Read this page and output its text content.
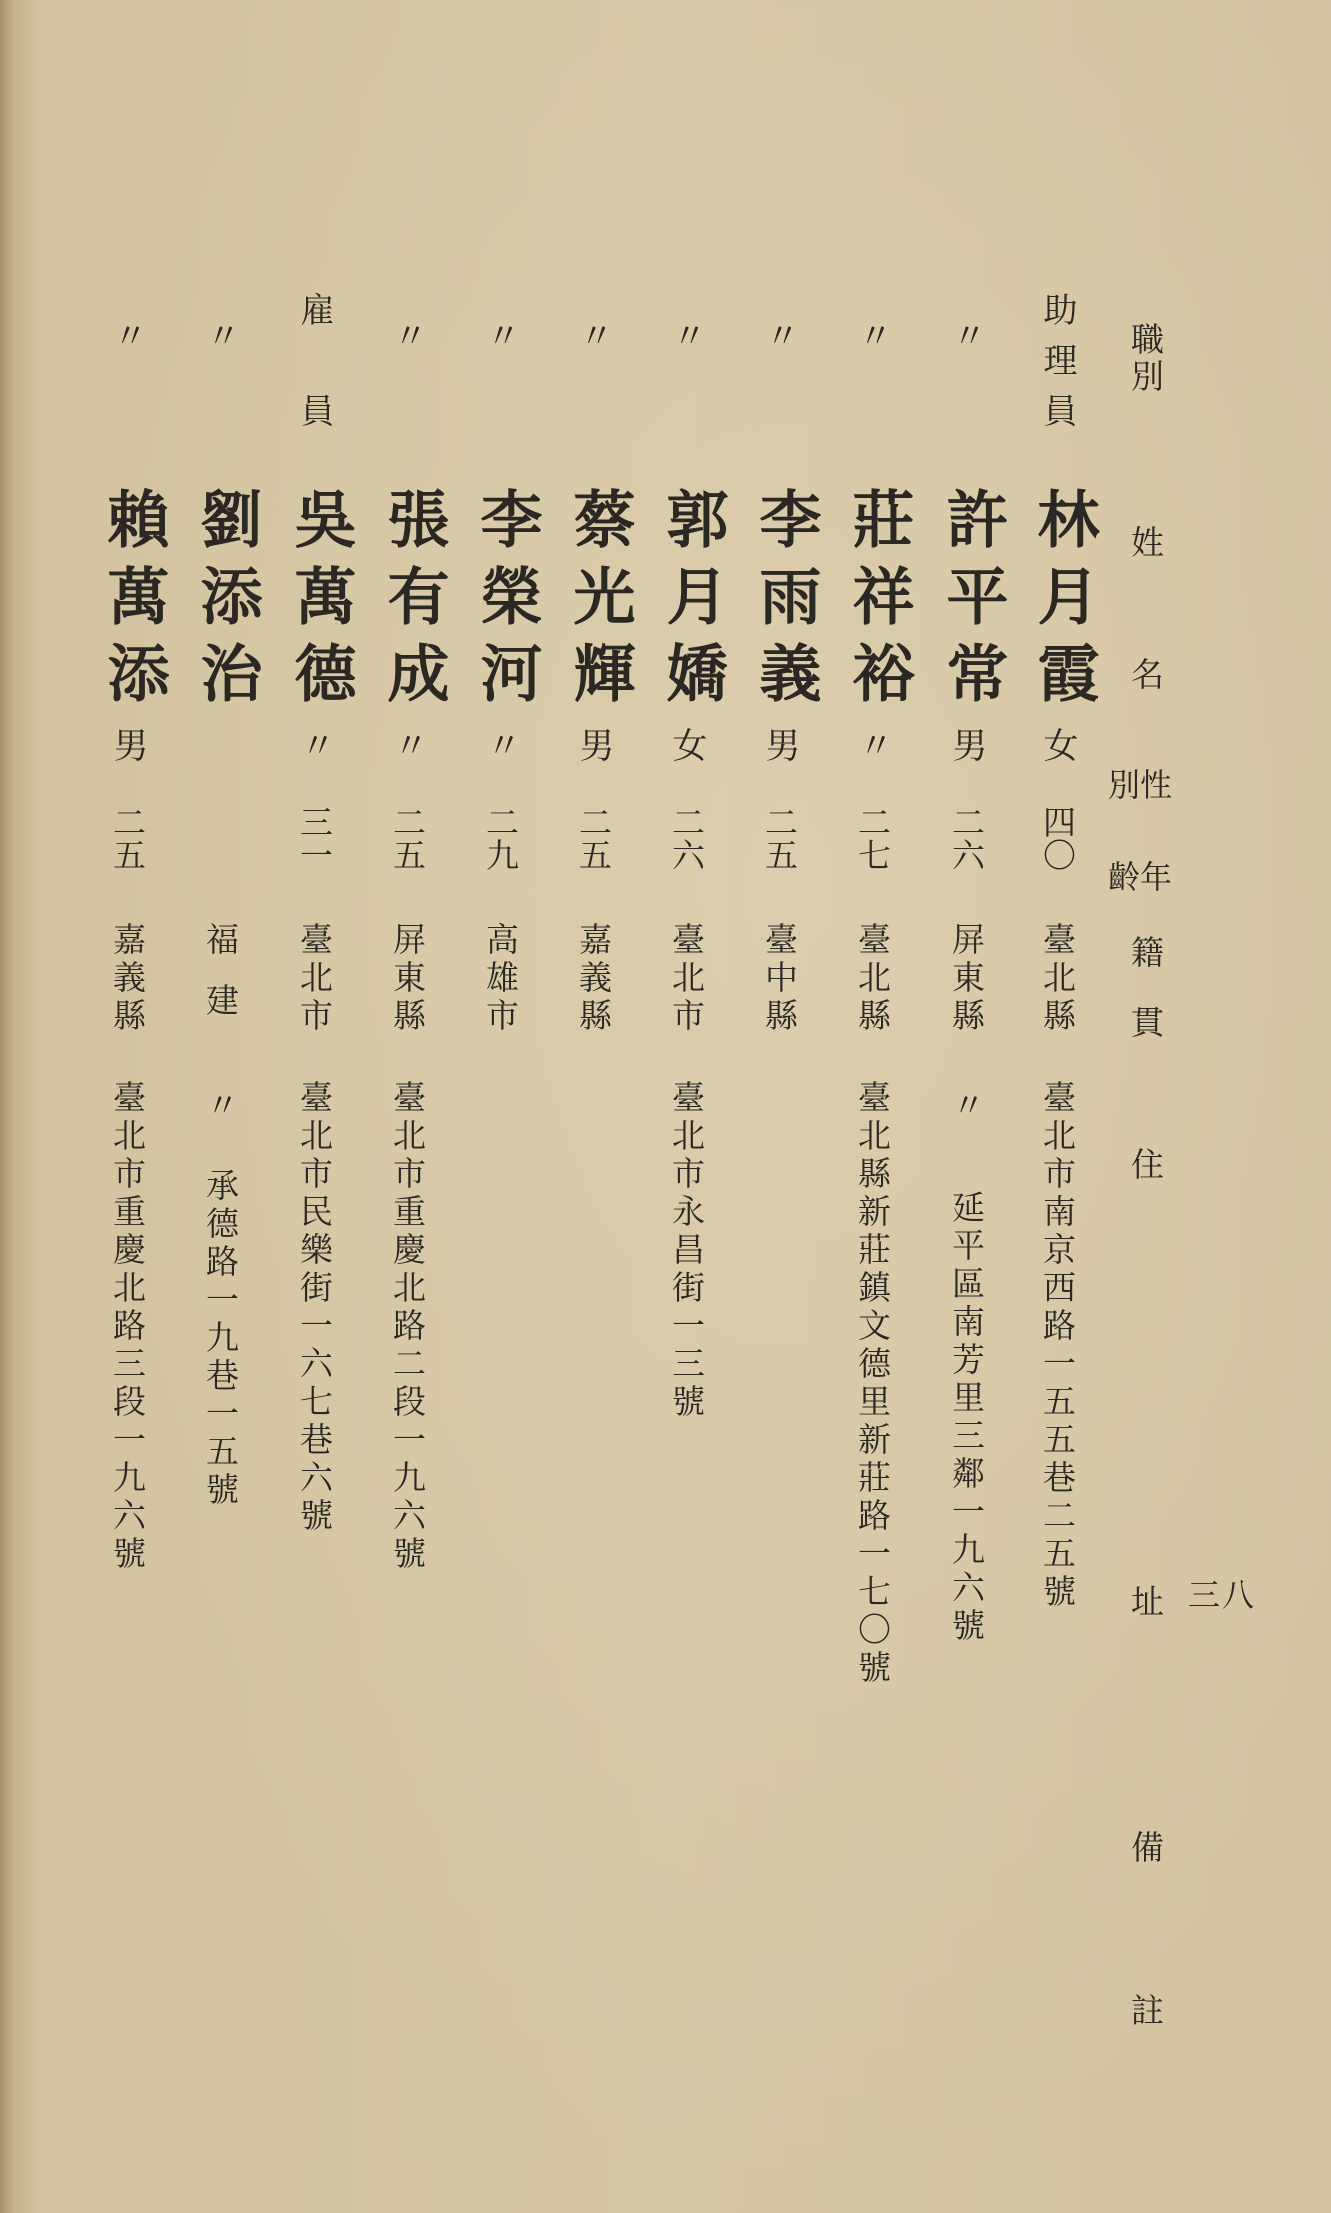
三八
職別
姓
名
性
別
年
齡
籍
貫
住
址
備
註
助理員
林月霞
女
四〇
臺北縣
臺北市南京西路一五五巷二五號
〃
許平常
男
二六
屏東縣
〃
延平區南芳里三鄰一九六號
〃
莊祥裕
〃
二七
臺北縣
臺北縣新莊鎮文德里新莊路一七〇號
〃
李雨義
男
二五
臺中縣
〃
郭月嬌
女
二六
臺北市
臺北市永昌街一三號
〃
蔡光輝
男
二五
嘉義縣
〃
李榮河
〃
二九
高雄市
〃
張有成
〃
二五
屏東縣
臺北市重慶北路二段一九六號
雇員
吳萬德
〃
三一
臺北市
臺北市民樂街一六七巷六號
〃
劉添治
福建
〃
承德路一九巷一五號
〃
賴萬添
男
二五
嘉義縣
臺北市重慶北路三段一九六號
